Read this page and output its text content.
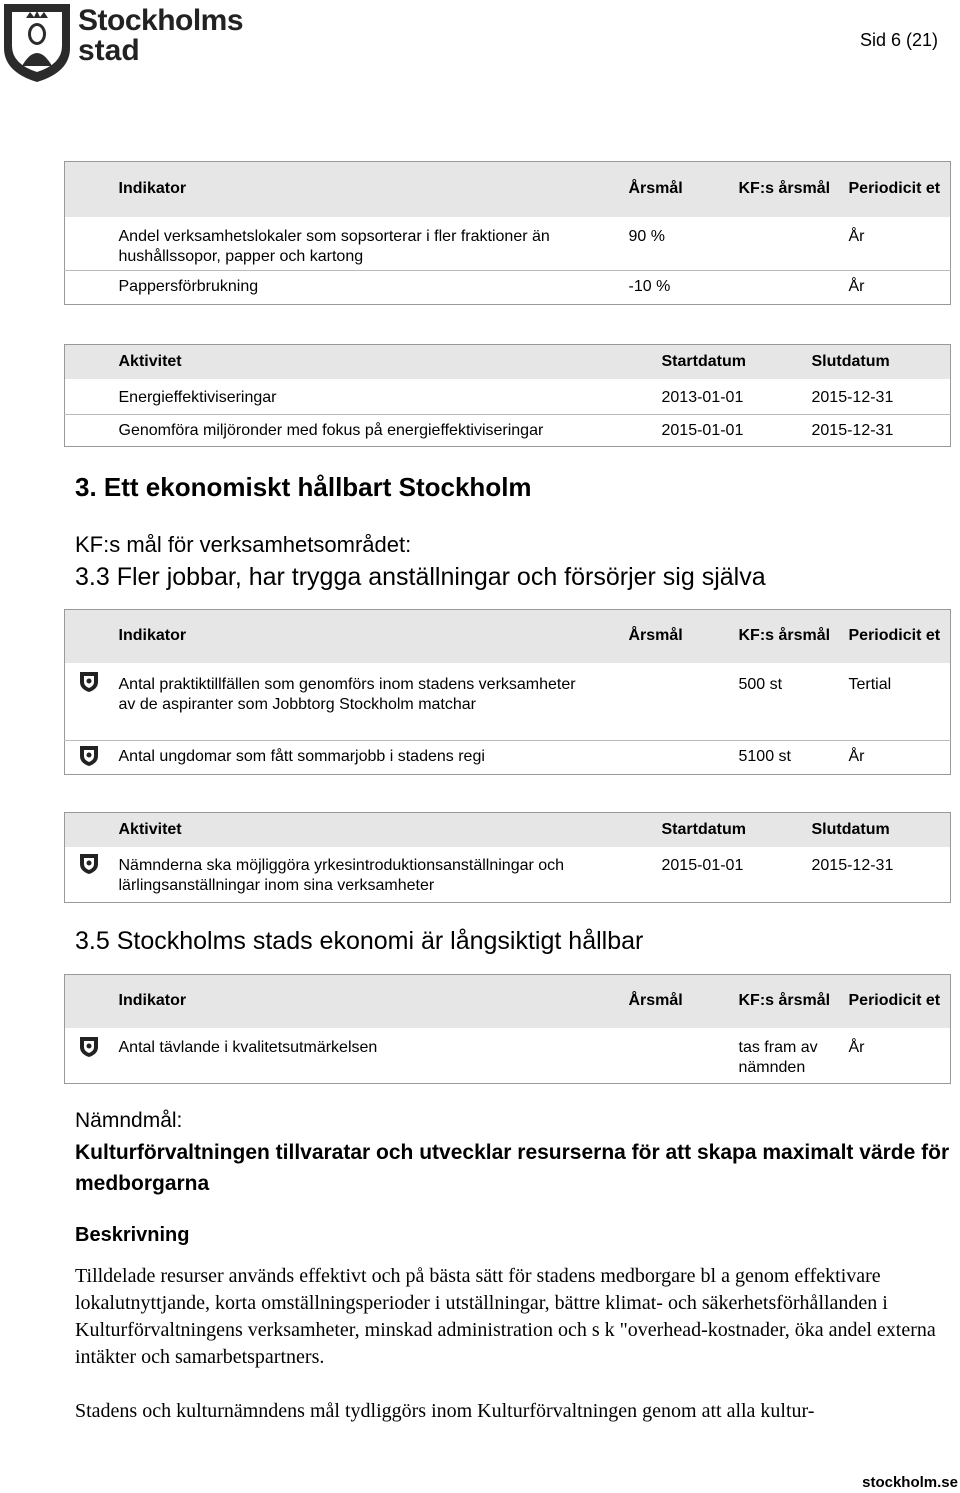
Stockholms
stad	Sid 6 (21)
	Indikator	Årsmål	KF:s årsmål	Periodicit et
	Andel verksamhetslokaler som sopsorterar i fler fraktioner än hushållssopor, papper och kartong	90 %		År
	Pappersförbrukning	-10 %		År
	Aktivitet	Startdatum	Slutdatum
	Energieffektiviseringar	2013-01-01	2015-12-31
	Genomföra miljöronder med fokus på energieffektiviseringar	2015-01-01	2015-12-31
3. Ett ekonomiskt hållbart Stockholm
KF:s mål för verksamhetsområdet:
3.3 Fler jobbar, har trygga anställningar och försörjer sig själva
	Indikator	Årsmål	KF:s årsmål	Periodicit et

	Antal praktiktillfällen som genomförs inom stadens verksamheter av de aspiranter som Jobbtorg Stockholm matchar		500 st	Tertial

	Antal ungdomar som fått sommarjobb i stadens regi		5100 st	År
	Aktivitet	Startdatum	Slutdatum

	Nämnderna ska möjliggöra yrkesintroduktionsanställningar och lärlingsanställningar inom sina verksamheter	2015-01-01	2015-12-31
3.5 Stockholms stads ekonomi är långsiktigt hållbar
	Indikator	Årsmål	KF:s årsmål	Periodicit et

	Antal tävlande i kvalitetsutmärkelsen		tas fram av nämnden	År
Nämndmål:
Kulturförvaltningen tillvaratar och utvecklar resurserna för att skapa maximalt värde för medborgarna
Beskrivning

Tilldelade resurser används effektivt och på bästa sätt för stadens medborgare bl a genom effektivare lokalutnyttjande, korta omställningsperioder i utställningar, bättre klimat- och säkerhetsförhållanden i Kulturförvaltningens verksamheter, minskad administration och s k "overhead-kostnader, öka andel externa intäkter och samarbetspartners.

Stadens och kulturnämndens mål tydliggörs inom Kulturförvaltningen genom att alla kultur-

stockholm.se
